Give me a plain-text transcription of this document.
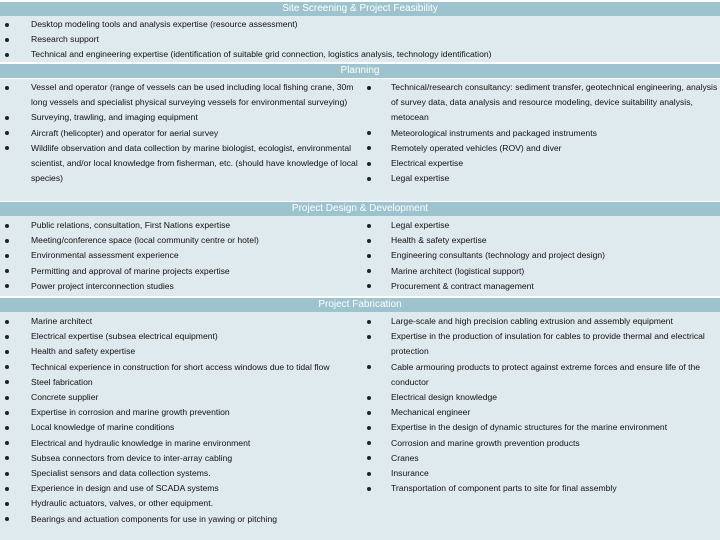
Site Screening & Project Feasibility
Desktop modeling tools and analysis expertise (resource assessment)
Research support
Technical and engineering expertise (identification of suitable grid connection, logistics analysis, technology identification)
Planning
Vessel and operator (range of vessels can be used including local fishing crane, 30m long vessels and specialist physical surveying vessels for environmental surveying)
Surveying, trawling, and imaging equipment
Aircraft (helicopter) and operator for aerial survey
Wildlife observation and data collection by marine biologist, ecologist, environmental scientist, and/or local knowledge from fisherman, etc. (should have knowledge of local species)
Technical/research consultancy: sediment transfer, geotechnical engineering, analysis of survey data, data analysis and resource modeling, device suitability analysis, metocean
Meteorological instruments and packaged instruments
Remotely operated vehicles (ROV) and diver
Electrical expertise
Legal expertise
Project Design & Development
Public relations, consultation, First Nations expertise
Meeting/conference space (local community centre or hotel)
Environmental assessment experience
Permitting and approval of marine projects expertise
Power project interconnection studies
Legal expertise
Health & safety expertise
Engineering consultants (technology and project design)
Marine architect (logistical support)
Procurement & contract management
Project Fabrication
Marine architect
Electrical expertise (subsea electrical equipment)
Health and safety expertise
Technical experience in construction for short access windows due to tidal flow
Steel fabrication
Concrete supplier
Expertise in corrosion and marine growth prevention
Local knowledge of marine conditions
Electrical and hydraulic knowledge in marine environment
Subsea connectors from device to inter-array cabling
Specialist sensors and data collection systems.
Experience in design and use of SCADA systems
Hydraulic actuators, valves, or other equipment.
Bearings and actuation components for use in yawing or pitching
Large-scale and high precision cabling extrusion and assembly equipment
Expertise in the production of insulation for cables to provide thermal and electrical protection
Cable armouring products to protect against extreme forces and ensure life of the conductor
Electrical design knowledge
Mechanical engineer
Expertise in the design of dynamic structures for the marine environment
Corrosion and marine growth prevention products
Cranes
Insurance
Transportation of component parts to site for final assembly
